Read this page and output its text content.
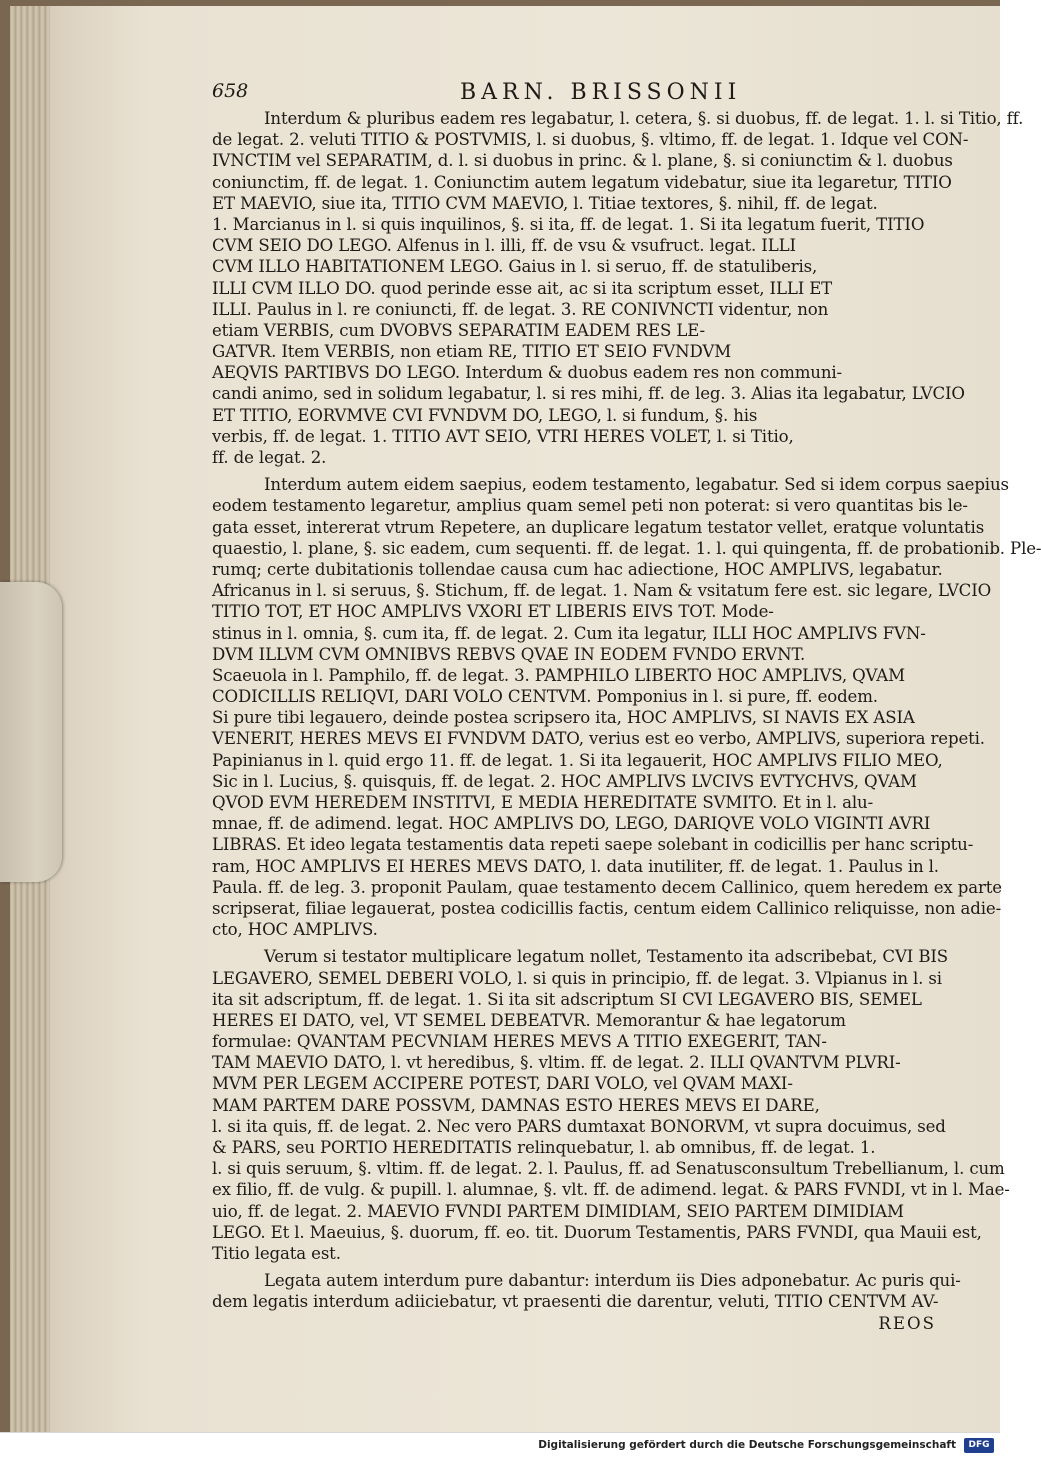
658	BARN. BRISSONII
Interdum & pluribus eadem res legabatur, l. cetera, §. si duobus, ff. de legat. 1. l. si Titio, ff.
de legat. 2. veluti TITIO & POSTVMIS, l. si duobus, §. vltimo, ff. de legat. 1. Idque vel CON-
IVNCTIM vel SEPARATIM, d. l. si duobus in princ. & l. plane, §. si coniunctim & l. duobus
coniunctim, ff. de legat. 1. Coniunctim autem legatum videbatur, siue ita legaretur, TITIO
ET MAEVIO, siue ita, TITIO CVM MAEVIO, l. Titiae textores, §. nihil, ff. de legat.
1. Marcianus in l. si quis inquilinos, §. si ita, ff. de legat. 1. Si ita legatum fuerit, TITIO
CVM SEIO DO LEGO. Alfenus in l. illi, ff. de vsu & vsufruct. legat. ILLI
CVM ILLO HABITATIONEM LEGO. Gaius in l. si seruo, ff. de statuliberis,
ILLI CVM ILLO DO. quod perinde esse ait, ac si ita scriptum esset, ILLI ET
ILLI. Paulus in l. re coniuncti, ff. de legat. 3. RE CONIVNCTI videntur, non
etiam VERBIS, cum DVOBVS SEPARATIM EADEM RES LE-
GATVR. Item VERBIS, non etiam RE, TITIO ET SEIO FVNDVM
AEQVIS PARTIBVS DO LEGO. Interdum & duobus eadem res non communi-
candi animo, sed in solidum legabatur, l. si res mihi, ff. de leg. 3. Alias ita legabatur, LVCIO
ET TITIO, EORVMVE CVI FVNDVM DO, LEGO, l. si fundum, §. his
verbis, ff. de legat. 1. TITIO AVT SEIO, VTRI HERES VOLET, l. si Titio,
ff. de legat. 2.
Interdum autem eidem saepius, eodem testamento, legabatur. Sed si idem corpus saepius
eodem testamento legaretur, amplius quam semel peti non poterat: si vero quantitas bis le-
gata esset, intererat vtrum Repetere, an duplicare legatum testator vellet, eratque voluntatis
quaestio, l. plane, §. sic eadem, cum sequenti. ff. de legat. 1. l. qui quingenta, ff. de probationib. Ple-
rumq; certe dubitationis tollendae causa cum hac adiectione, HOC AMPLIVS, legabatur.
Africanus in l. si seruus, §. Stichum, ff. de legat. 1. Nam & vsitatum fere est. sic legare, LVCIO
TITIO TOT, ET HOC AMPLIVS VXORI ET LIBERIS EIVS TOT. Mode-
stinus in l. omnia, §. cum ita, ff. de legat. 2. Cum ita legatur, ILLI HOC AMPLIVS FVN-
DVM ILLVM CVM OMNIBVS REBVS QVAE IN EODEM FVNDO ERVNT.
Scaeuola in l. Pamphilo, ff. de legat. 3. PAMPHILO LIBERTO HOC AMPLIVS, QVAM
CODICILLIS RELIQVI, DARI VOLO CENTVM. Pomponius in l. si pure, ff. eodem.
Si pure tibi legauero, deinde postea scripsero ita, HOC AMPLIVS, SI NAVIS EX ASIA
VENERIT, HERES MEVS EI FVNDVM DATO, verius est eo verbo, AMPLIVS, superiora repeti.
Papinianus in l. quid ergo 11. ff. de legat. 1. Si ita legauerit, HOC AMPLIVS FILIO MEO,
Sic in l. Lucius, §. quisquis, ff. de legat. 2. HOC AMPLIVS LVCIVS EVTYCHVS, QVAM
QVOD EVM HEREDEM INSTITVI, E MEDIA HEREDITATE SVMITO. Et in l. alu-
mnae, ff. de adimend. legat. HOC AMPLIVS DO, LEGO, DARIQVE VOLO VIGINTI AVRI
LIBRAS. Et ideo legata testamentis data repeti saepe solebant in codicillis per hanc scriptu-
ram, HOC AMPLIVS EI HERES MEVS DATO, l. data inutiliter, ff. de legat. 1. Paulus in l.
Paula. ff. de leg. 3. proponit Paulam, quae testamento decem Callinico, quem heredem ex parte
scripserat, filiae legauerat, postea codicillis factis, centum eidem Callinico reliquisse, non adie-
cto, HOC AMPLIVS.
Verum si testator multiplicare legatum nollet, Testamento ita adscribebat, CVI BIS
LEGAVERO, SEMEL DEBERI VOLO, l. si quis in principio, ff. de legat. 3. Vlpianus in l. si
ita sit adscriptum, ff. de legat. 1. Si ita sit adscriptum SI CVI LEGAVERO BIS, SEMEL
HERES EI DATO, vel, VT SEMEL DEBEATVR. Memorantur & hae legatorum
formulae: QVANTAM PECVNIAM HERES MEVS A TITIO EXEGERIT, TAN-
TAM MAEVIO DATO, l. vt heredibus, §. vltim. ff. de legat. 2. ILLI QVANTVM PLVRI-
MVM PER LEGEM ACCIPERE POTEST, DARI VOLO, vel QVAM MAXI-
MAM PARTEM DARE POSSVM, DAMNAS ESTO HERES MEVS EI DARE,
l. si ita quis, ff. de legat. 2. Nec vero PARS dumtaxat BONORVM, vt supra docuimus, sed
& PARS, seu PORTIO HEREDITATIS relinquebatur, l. ab omnibus, ff. de legat. 1.
l. si quis seruum, §. vltim. ff. de legat. 2. l. Paulus, ff. ad Senatusconsultum Trebellianum, l. cum
ex filio, ff. de vulg. & pupill. l. alumnae, §. vlt. ff. de adimend. legat. & PARS FVNDI, vt in l. Mae-
uio, ff. de legat. 2. MAEVIO FVNDI PARTEM DIMIDIAM, SEIO PARTEM DIMIDIAM
LEGO. Et l. Maeuius, §. duorum, ff. eo. tit. Duorum Testamentis, PARS FVNDI, qua Mauii est,
Titio legata est.
Legata autem interdum pure dabantur: interdum iis Dies adponebatur. Ac puris qui-
dem legatis interdum adiiciebatur, vt praesenti die darentur, veluti, TITIO CENTVM AV-
REOS
Digitalisierung gefördert durch die Deutsche Forschungsgemeinschaft	DFG
